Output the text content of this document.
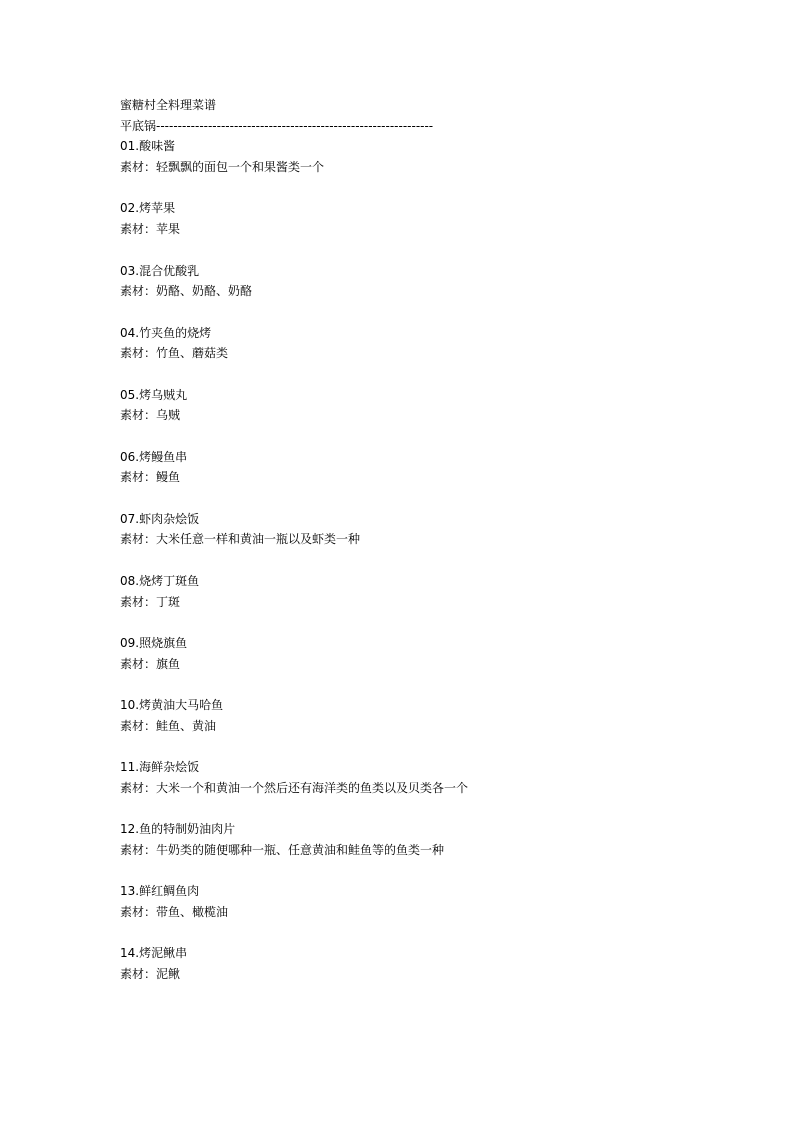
蜜糖村全料理菜谱
平底锅----------------------------------------------------------------
01.酸味酱
素材：轻飘飘的面包一个和果酱类一个
02.烤苹果
素材：苹果
03.混合优酸乳
素材：奶酪、奶酪、奶酪
04.竹夹鱼的烧烤
素材：竹鱼、蘑菇类
05.烤乌贼丸
素材：乌贼
06.烤鳗鱼串
素材：鳗鱼
07.虾肉杂烩饭
素材：大米任意一样和黄油一瓶以及虾类一种
08.烧烤丁斑鱼
素材：丁斑
09.照烧旗鱼
素材：旗鱼
10.烤黄油大马哈鱼
素材：鲑鱼、黄油
11.海鲜杂烩饭
素材：大米一个和黄油一个然后还有海洋类的鱼类以及贝类各一个
12.鱼的特制奶油肉片
素材：牛奶类的随便哪种一瓶、任意黄油和鲑鱼等的鱼类一种
13.鲜红鲷鱼肉
素材：带鱼、橄榄油
14.烤泥鳅串
素材：泥鳅
